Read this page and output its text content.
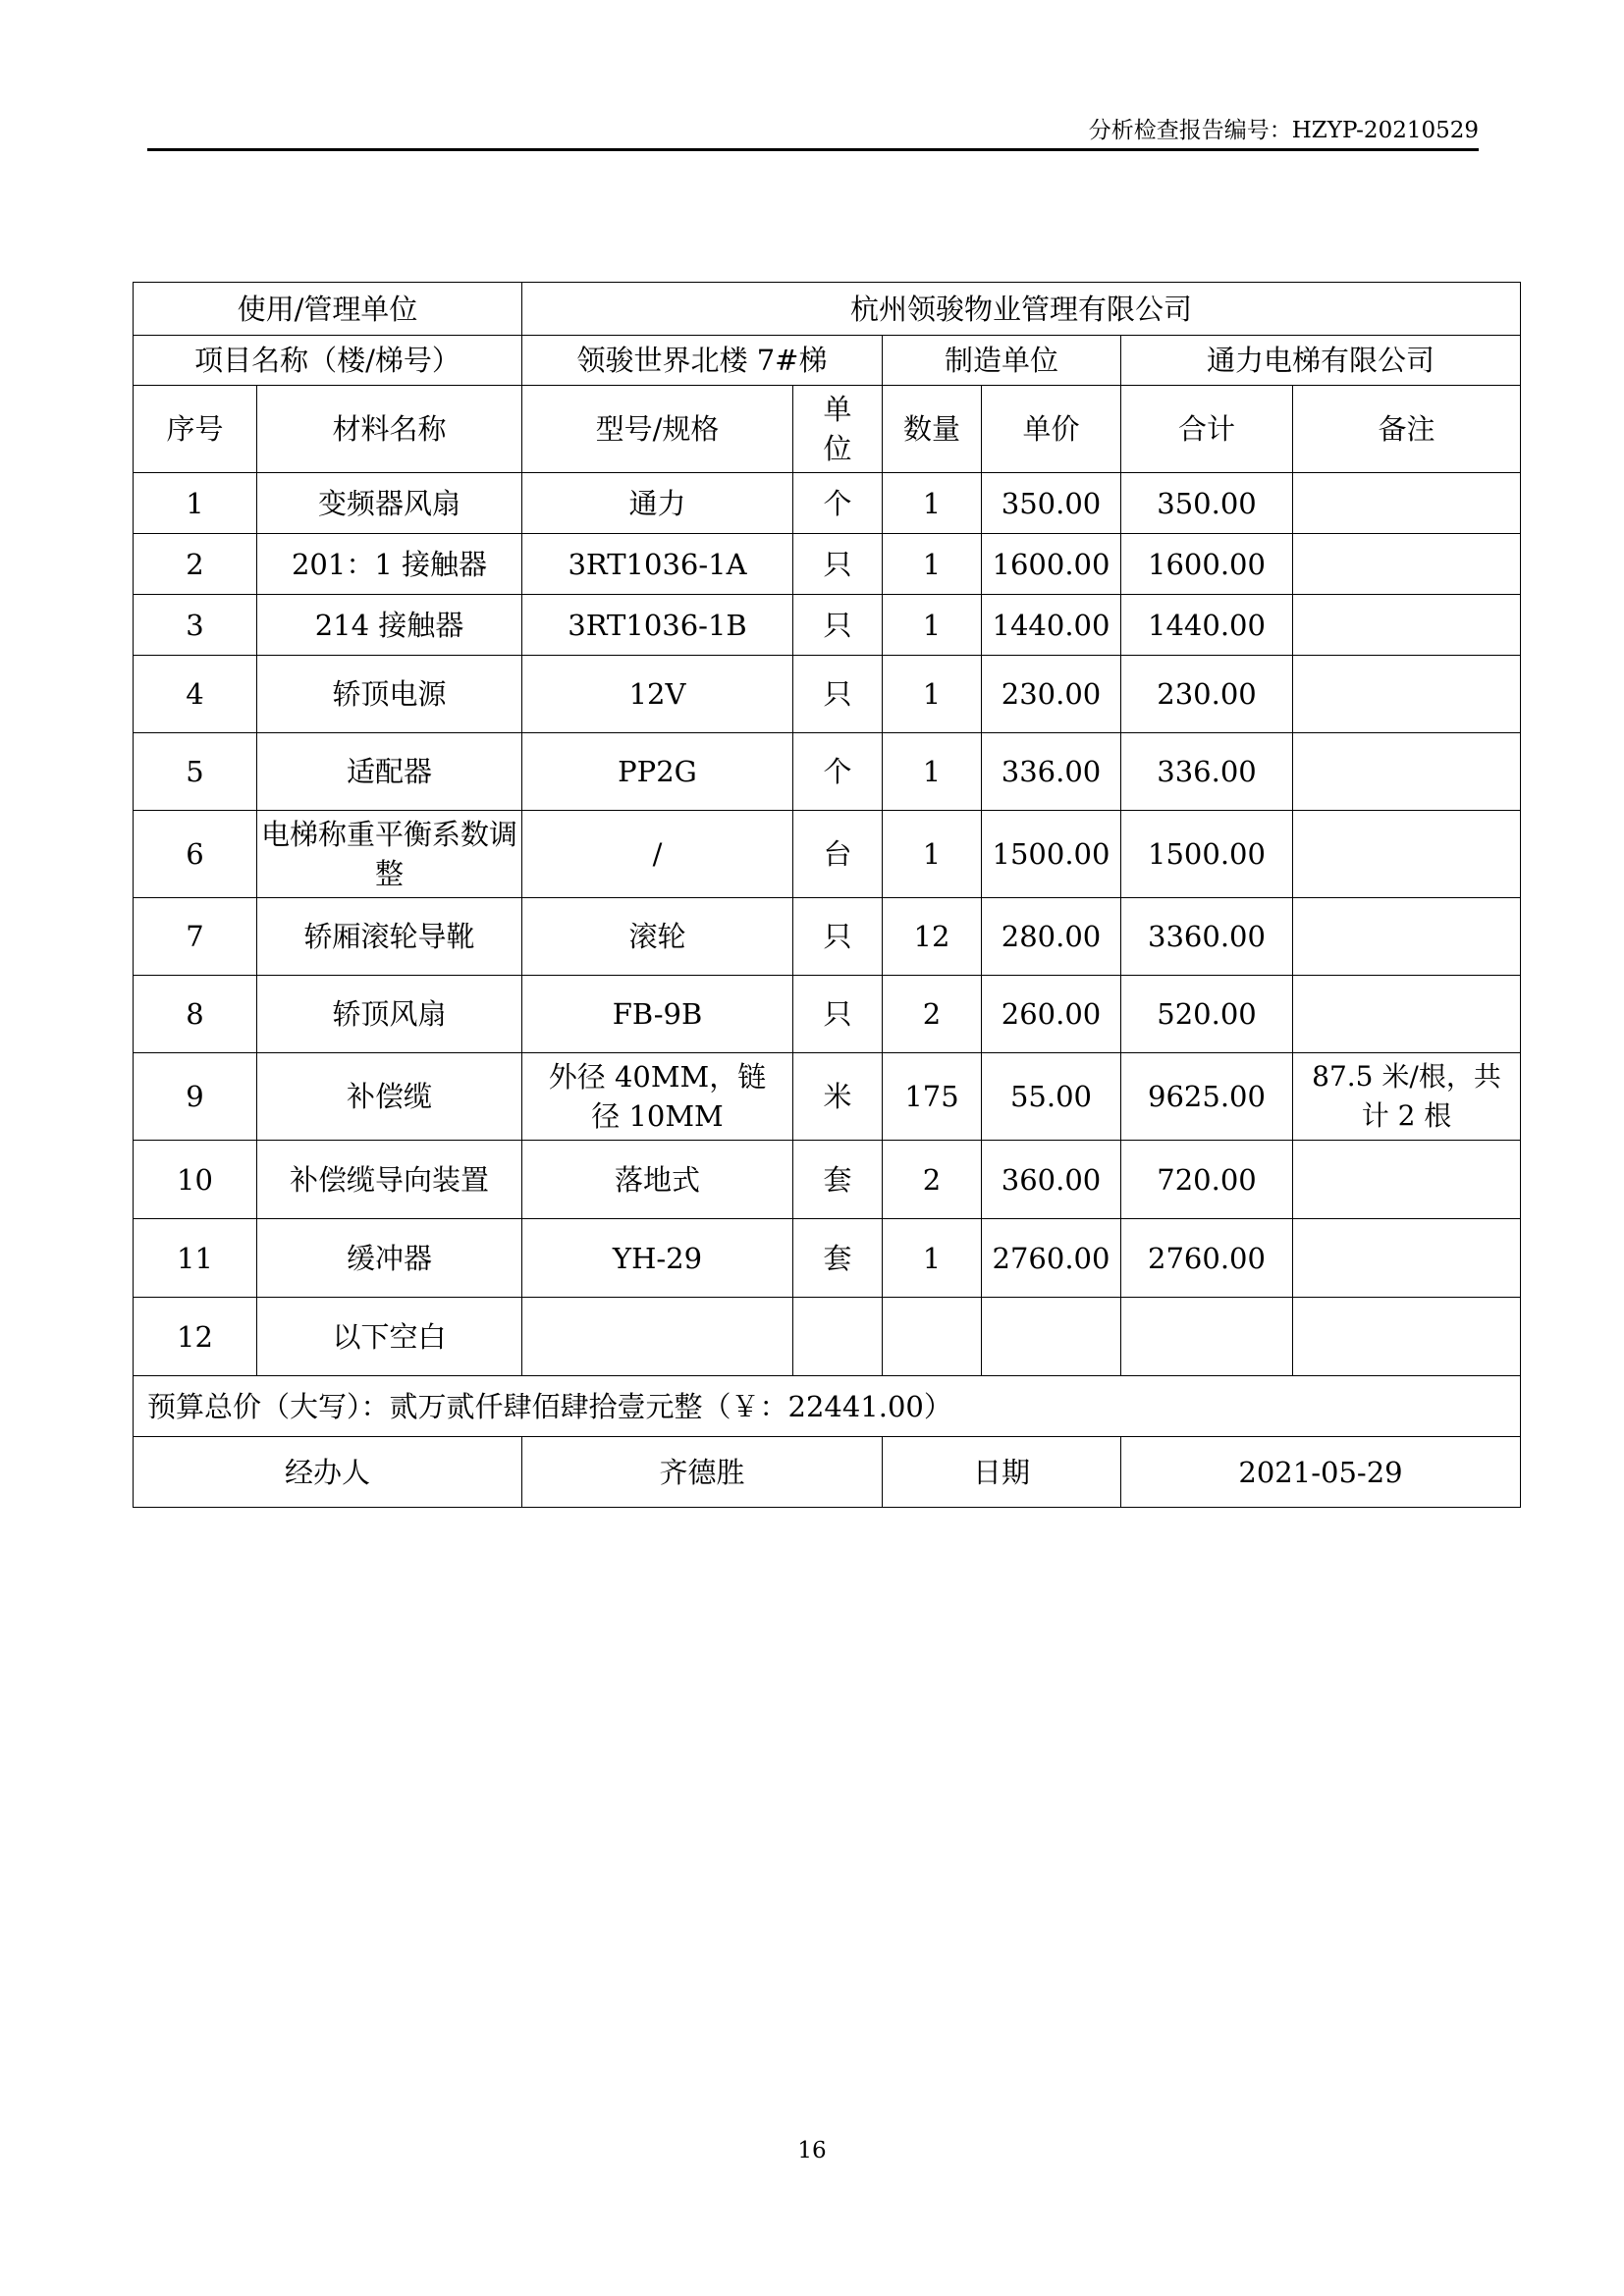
分析检查报告编号：HZYP-20210529
使用/管理单位		杭州领骏物业管理有限公司					
项目名称（楼/梯号）		领骏世界北楼 7#梯		制造单位		通力电梯有限公司	
序号	材料名称	型号/规格	单位	数量	单价	合计	备注
1	变频器风扇	通力	个	1	350.00	350.00	
2	201：1 接触器	3RT1036-1A	只	1	1600.00	1600.00	
3	214 接触器	3RT1036-1B	只	1	1440.00	1440.00	
4	轿顶电源	12V	只	1	230.00	230.00	
5	适配器	PP2G	个	1	336.00	336.00	
6	电梯称重平衡系数调整	/	台	1	1500.00	1500.00	
7	轿厢滚轮导靴	滚轮	只	12	280.00	3360.00	
8	轿顶风扇	FB-9B	只	2	260.00	520.00	
9	补偿缆	外径 40MM，链径 10MM	米	175	55.00	9625.00	87.5 米/根，共计 2 根
10	补偿缆导向装置	落地式	套	2	360.00	720.00	
11	缓冲器	YH-29	套	1	2760.00	2760.00	
12	以下空白						
预算总价（大写）：贰万贰仟肆佰肆拾壹元整（￥：22441.00）							
经办人		齐德胜		日期		2021-05-29	
16
